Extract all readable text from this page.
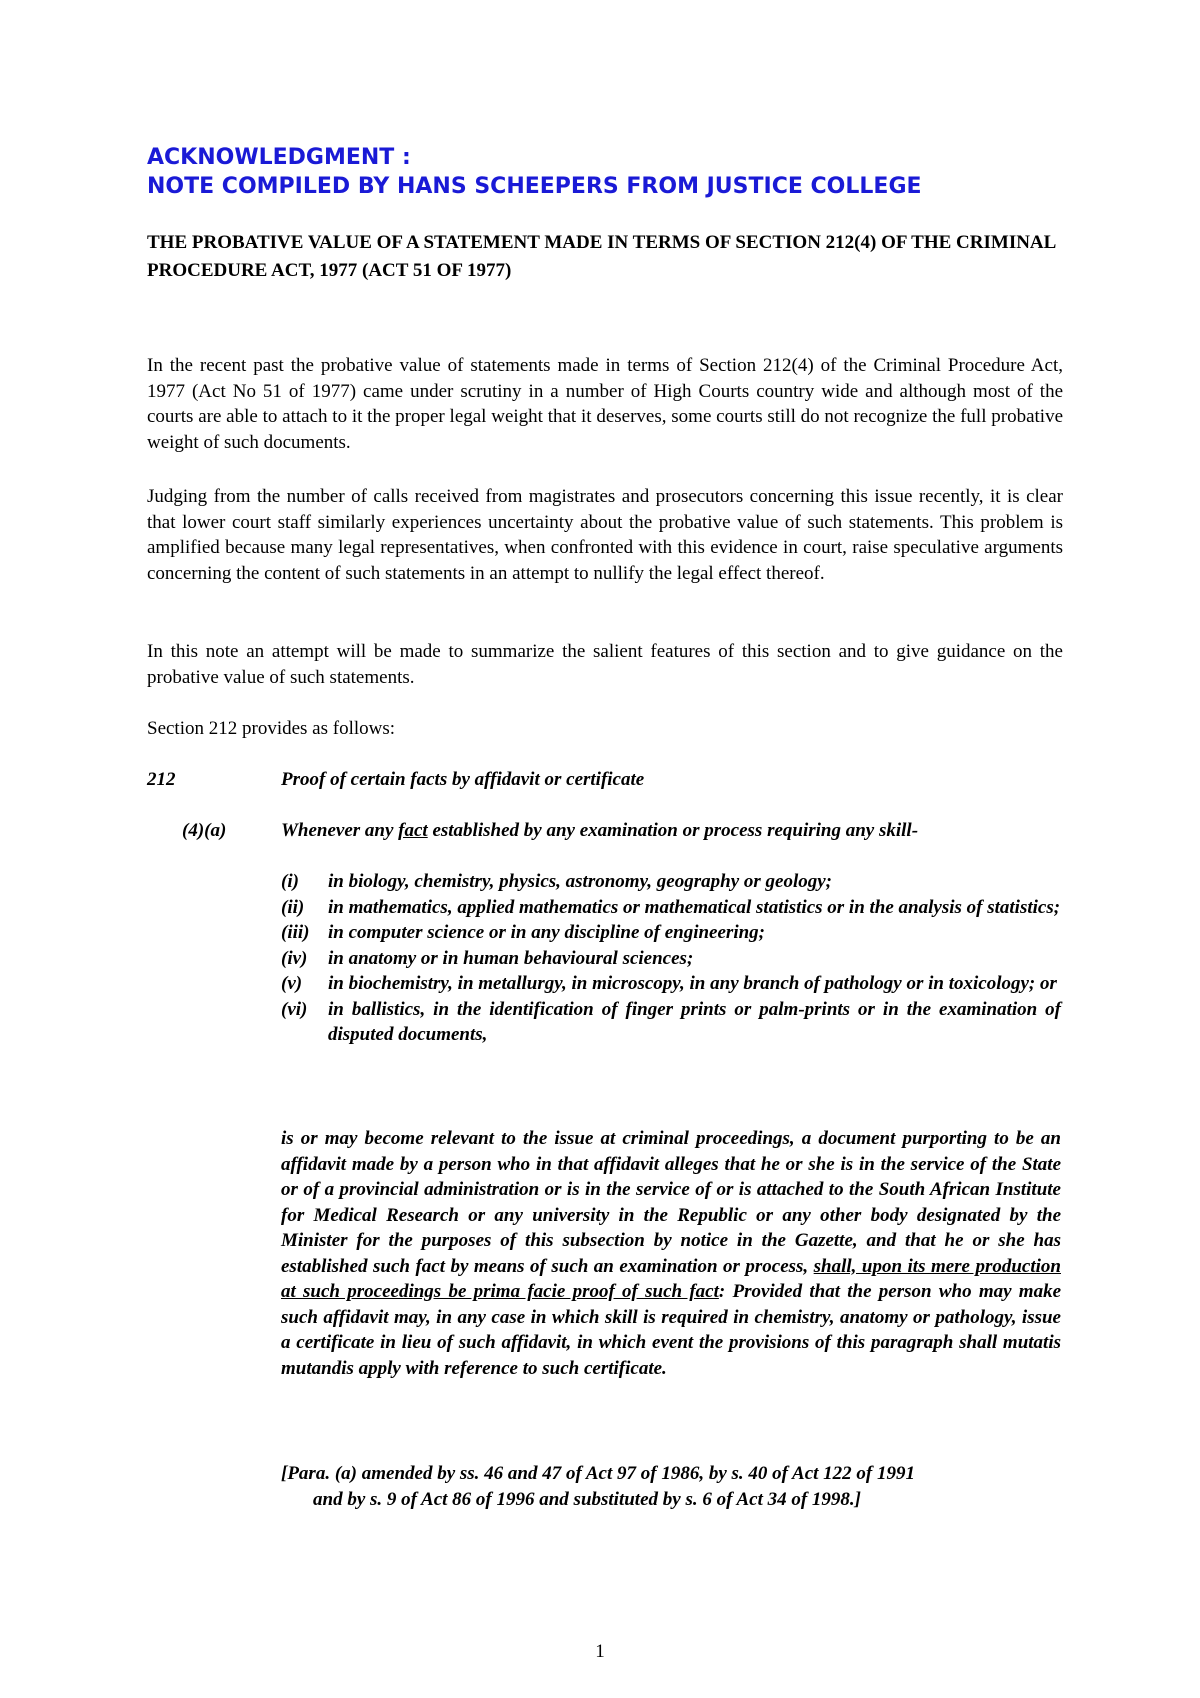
ACKNOWLEDGMENT :
NOTE COMPILED BY HANS SCHEEPERS FROM JUSTICE COLLEGE
THE PROBATIVE VALUE OF A STATEMENT MADE IN TERMS OF SECTION 212(4) OF THE CRIMINAL PROCEDURE ACT, 1977 (ACT 51 OF 1977)
In the recent past the probative value of statements made in terms of Section 212(4) of the Criminal Procedure Act, 1977 (Act No 51 of 1977) came under scrutiny in a number of High Courts country wide and although most of the courts are able to attach to it the proper legal weight that it deserves, some courts still do not recognize the full probative weight of such documents.
Judging from the number of calls received from magistrates and prosecutors concerning this issue recently, it is clear that lower court staff similarly experiences uncertainty about the probative value of such statements. This problem is amplified because many legal representatives, when confronted with this evidence in court, raise speculative arguments concerning the content of such statements in an attempt to nullify the legal effect thereof.
In this note an attempt will be made to summarize the salient features of this section and to give guidance on the probative value of such statements.
Section 212 provides as follows:
212	Proof of certain facts by affidavit or certificate
(4)(a)	Whenever any fact established by any examination or process requiring any skill-
(i)	in biology, chemistry, physics, astronomy, geography or geology;
(ii)	in mathematics, applied mathematics or mathematical statistics or in the analysis of statistics;
(iii) in computer science or in any discipline of engineering;
(iv)	in anatomy or in human behavioural sciences;
(v)	in biochemistry, in metallurgy, in microscopy, in any branch of pathology or in toxicology; or
(vi)	in ballistics, in the identification of finger prints or palm-prints or in the examination of disputed documents,
is or may become relevant to the issue at criminal proceedings, a document purporting to be an affidavit made by a person who in that affidavit alleges that he or she is in the service of the State or of a provincial administration or is in the service of or is attached to the South African Institute for Medical Research or any university in the Republic or any other body designated by the Minister for the purposes of this subsection by notice in the Gazette, and that he or she has established such fact by means of such an examination or process, shall, upon its mere production at such proceedings be prima facie proof of such fact: Provided that the person who may make such affidavit may, in any case in which skill is required in chemistry, anatomy or pathology, issue a certificate in lieu of such affidavit, in which event the provisions of this paragraph shall mutatis mutandis apply with reference to such certificate.
[Para. (a) amended by ss. 46 and 47 of Act 97 of 1986, by s. 40 of Act 122 of 1991
and by s. 9 of Act 86 of 1996 and substituted by s. 6 of Act 34 of 1998.]
1
